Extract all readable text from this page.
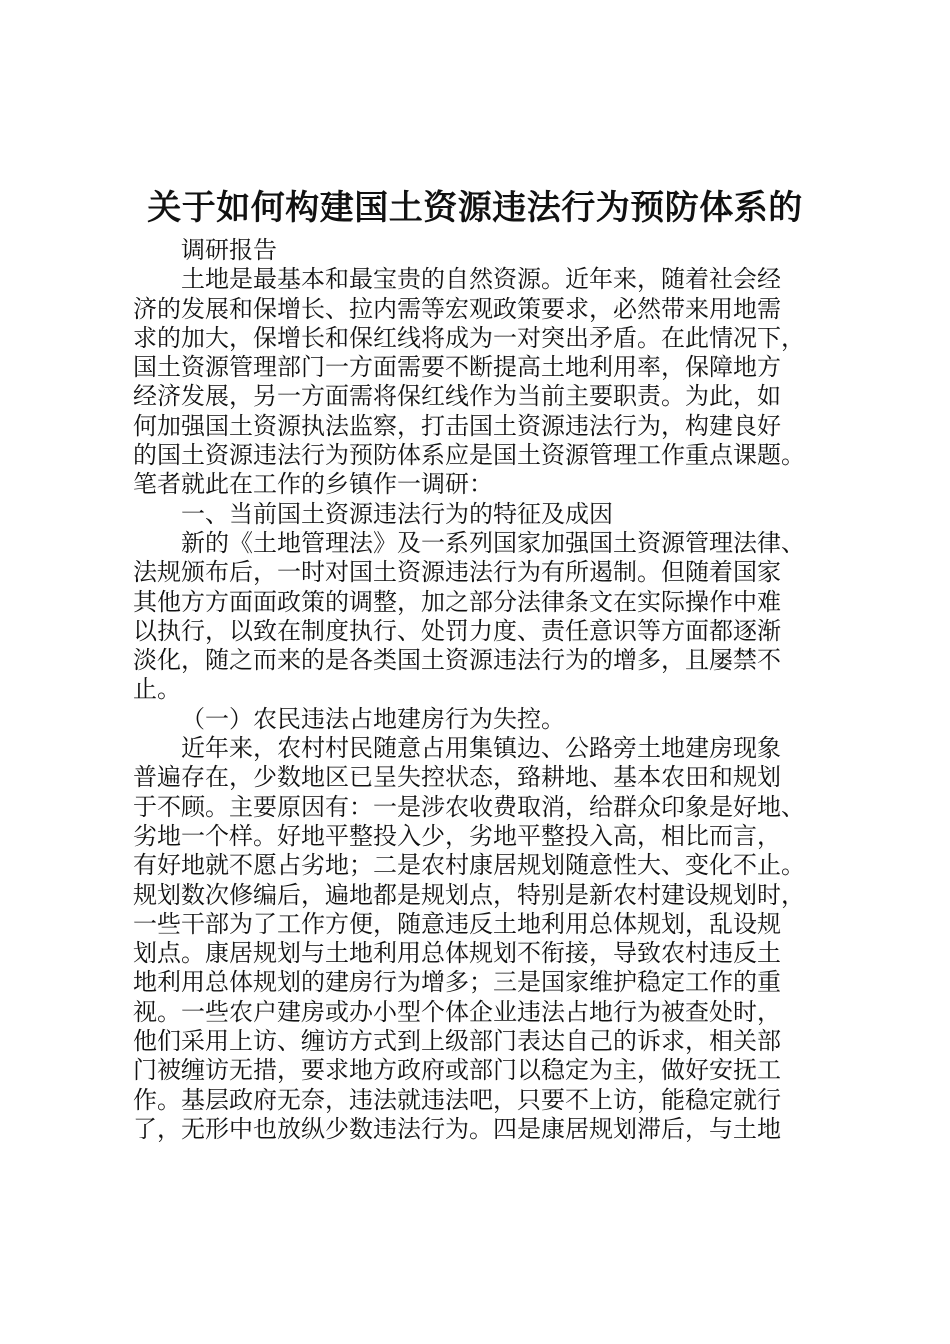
关于如何构建国土资源违法行为预防体系的

调研报告

土地是最基本和最宝贵的自然资源。近年来，随着社会经
济的发展和保增长、拉内需等宏观政策要求，必然带来用地需
求的加大，保增长和保红线将成为一对突出矛盾。在此情况下，
国土资源管理部门一方面需要不断提高土地利用率，保障地方
经济发展，另一方面需将保红线作为当前主要职责。为此，如
何加强国土资源执法监察，打击国土资源违法行为，构建良好
的国土资源违法行为预防体系应是国土资源管理工作重点课题。
笔者就此在工作的乡镇作一调研：

一、当前国土资源违法行为的特征及成因

新的《土地管理法》及一系列国家加强国土资源管理法律、
法规颁布后，一时对国土资源违法行为有所遏制。但随着国家
其他方方面面政策的调整，加之部分法律条文在实际操作中难
以执行，以致在制度执行、处罚力度、责任意识等方面都逐渐
淡化，随之而来的是各类国土资源违法行为的增多，且屡禁不
止。

（一）农民违法占地建房行为失控。

近年来，农村村民随意占用集镇边、公路旁土地建房现象
普遍存在，少数地区已呈失控状态，臵耕地、基本农田和规划
于不顾。主要原因有：一是涉农收费取消，给群众印象是好地、
劣地一个样。好地平整投入少，劣地平整投入高，相比而言，
有好地就不愿占劣地；二是农村康居规划随意性大、变化不止。
规划数次修编后，遍地都是规划点，特别是新农村建设规划时，
一些干部为了工作方便，随意违反土地利用总体规划，乱设规
划点。康居规划与土地利用总体规划不衔接，导致农村违反土
地利用总体规划的建房行为增多；三是国家维护稳定工作的重
视。一些农户建房或办小型个体企业违法占地行为被查处时，
他们采用上访、缠访方式到上级部门表达自己的诉求，相关部
门被缠访无措，要求地方政府或部门以稳定为主，做好安抚工
作。基层政府无奈，违法就违法吧，只要不上访，能稳定就行
了，无形中也放纵少数违法行为。四是康居规划滞后，与土地
